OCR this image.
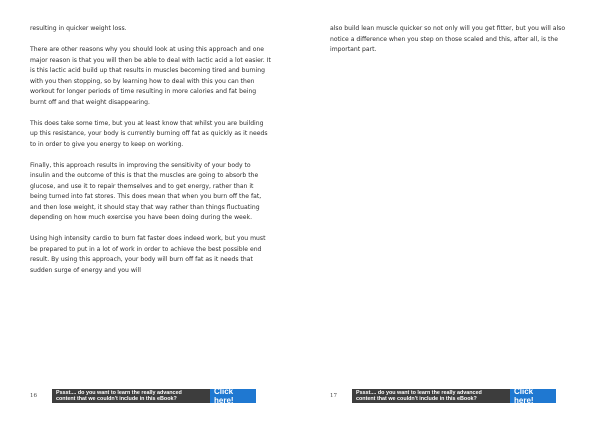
resulting in quicker weight loss.

There are other reasons why you should look at using this approach and one major reason is that you will then be able to deal with lactic acid a lot easier. It is this lactic acid build up that results in muscles becoming tired and burning with you then stopping, so by learning how to deal with this you can then workout for longer periods of time resulting in more calories and fat being burnt off and that weight disappearing.

This does take some time, but you at least know that whilst you are building up this resistance, your body is currently burning off fat as quickly as it needs to in order to give you energy to keep on working.

Finally, this approach results in improving the sensitivity of your body to insulin and the outcome of this is that the muscles are going to absorb the glucose, and use it to repair themselves and to get energy, rather than it being turned into fat stores. This does mean that when you burn off the fat, and then lose weight, it should stay that way rather than things fluctuating depending on how much exercise you have been doing during the week.

Using high intensity cardio to burn fat faster does indeed work, but you must be prepared to put in a lot of work in order to achieve the best possible end result. By using this approach, your body will burn off fat as it needs that sudden surge of energy and you will

16	Pssst.... do you want to learn the really advanced
content that we couldn't include in this eBook?
Click here!

also build lean muscle quicker so not only will you get fitter, but you will also notice a difference when you step on those scaled and this, after all, is the important part.

17	Pssst.... do you want to learn the really advanced
content that we couldn't include in this eBook?
Click here!
